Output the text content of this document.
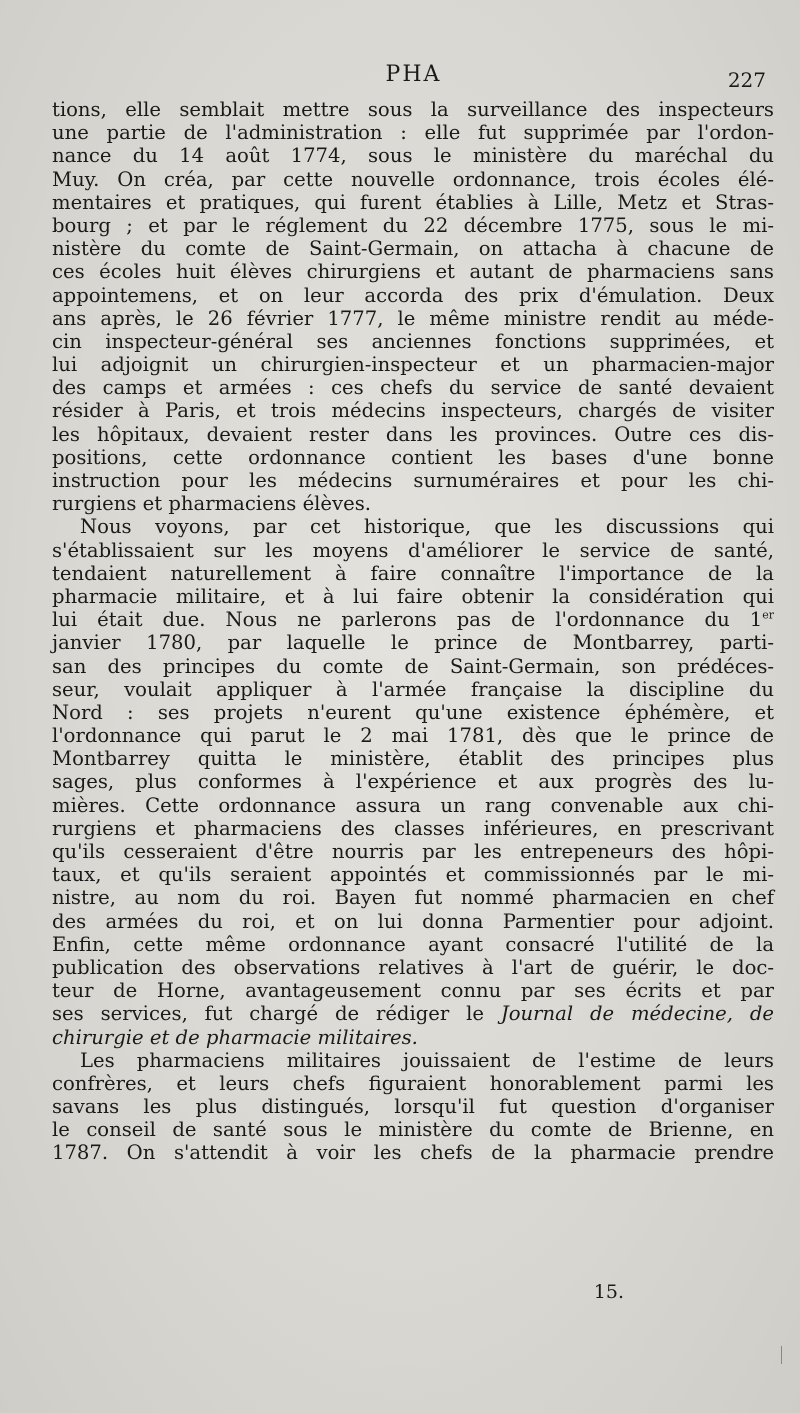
PHA	227
tions, elle semblait mettre sous la surveillance des inspecteurs
une partie de l'administration : elle fut supprimée par l'ordon-
nance du 14 août 1774, sous le ministère du maréchal du
Muy. On créa, par cette nouvelle ordonnance, trois écoles élé-
mentaires et pratiques, qui furent établies à Lille, Metz et Stras-
bourg ; et par le réglement du 22 décembre 1775, sous le mi-
nistère du comte de Saint-Germain, on attacha à chacune de
ces écoles huit élèves chirurgiens et autant de pharmaciens sans
appointemens, et on leur accorda des prix d'émulation. Deux
ans après, le 26 février 1777, le même ministre rendit au méde-
cin inspecteur-général ses anciennes fonctions supprimées, et
lui adjoignit un chirurgien-inspecteur et un pharmacien-major
des camps et armées : ces chefs du service de santé devaient
résider à Paris, et trois médecins inspecteurs, chargés de visiter
les hôpitaux, devaient rester dans les provinces. Outre ces dis-
positions, cette ordonnance contient les bases d'une bonne
instruction pour les médecins surnuméraires et pour les chi-
rurgiens et pharmaciens élèves.
Nous voyons, par cet historique, que les discussions qui
s'établissaient sur les moyens d'améliorer le service de santé,
tendaient naturellement à faire connaître l'importance de la
pharmacie militaire, et à lui faire obtenir la considération qui
lui était due. Nous ne parlerons pas de l'ordonnance du 1er
janvier 1780, par laquelle le prince de Montbarrey, parti-
san des principes du comte de Saint-Germain, son prédéces-
seur, voulait appliquer à l'armée française la discipline du
Nord : ses projets n'eurent qu'une existence éphémère, et
l'ordonnance qui parut le 2 mai 1781, dès que le prince de
Montbarrey quitta le ministère, établit des principes plus
sages, plus conformes à l'expérience et aux progrès des lu-
mières. Cette ordonnance assura un rang convenable aux chi-
rurgiens et pharmaciens des classes inférieures, en prescrivant
qu'ils cesseraient d'être nourris par les entrepeneurs des hôpi-
taux, et qu'ils seraient appointés et commissionnés par le mi-
nistre, au nom du roi. Bayen fut nommé pharmacien en chef
des armées du roi, et on lui donna Parmentier pour adjoint.
Enfin, cette même ordonnance ayant consacré l'utilité de la
publication des observations relatives à l'art de guérir, le doc-
teur de Horne, avantageusement connu par ses écrits et par
ses services, fut chargé de rédiger le Journal de médecine, de
chirurgie et de pharmacie militaires.
Les pharmaciens militaires jouissaient de l'estime de leurs
confrères, et leurs chefs figuraient honorablement parmi les
savans les plus distingués, lorsqu'il fut question d'organiser
le conseil de santé sous le ministère du comte de Brienne, en
1787. On s'attendit à voir les chefs de la pharmacie prendre
15.
